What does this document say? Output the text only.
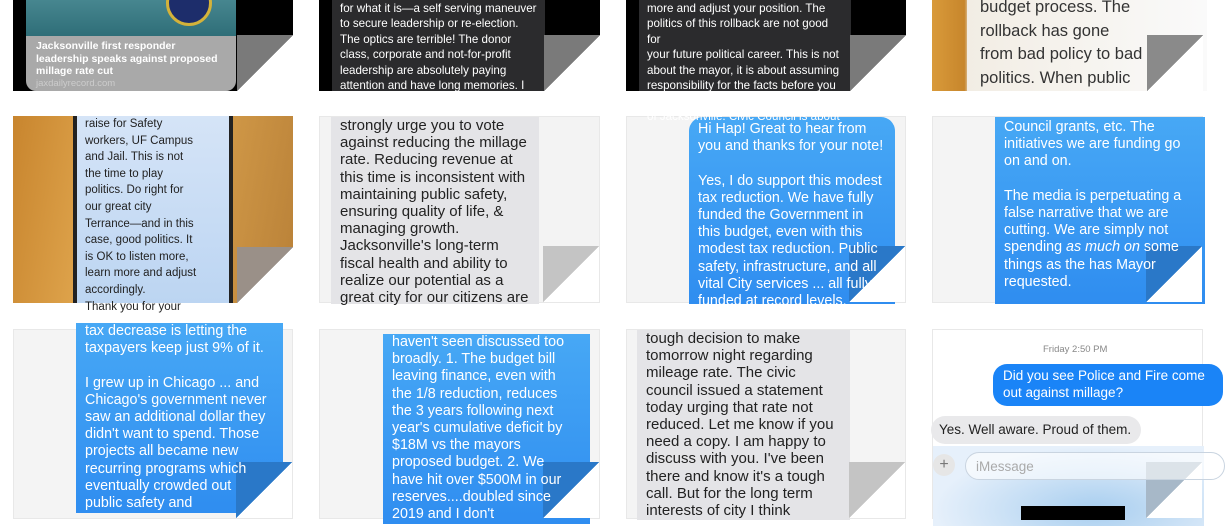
Jacksonville first responder leadership speaks against proposed millage rate cut
jaxdailyrecord.com
for what it is—a self serving maneuver
to secure leadership or re-election.
The optics are terrible! The donor
class, corporate and not-for-profit
leadership are absolutely paying
attention and have long memories. I
suggest you take a long walk on the
more and adjust your position. The
politics of this rollback are not good for
your future political career. This is not
about the mayor, it is about assuming
responsibility for the facts before you
and doing what is best for the citizens
of Jacksonville. Civic Council is about
budget process. The
rollback has gone
from bad policy to bad
politics. When public
raise for Safety
workers, UF Campus
and Jail. This is not
the time to play
politics. Do right for
our great city
Terrance—and in this
case, good politics. It
is OK to listen more,
learn more and adjust
accordingly.
Thank you for your
strongly urge you to vote
against reducing the millage
rate. Reducing revenue at
this time is inconsistent with
maintaining public safety,
ensuring quality of life, &
managing growth.
Jacksonville's long-term
fiscal health and ability to
realize our potential as a
great city for our citizens are
Hi Hap! Great to hear from
you and thanks for your note!

Yes, I do support this modest
tax reduction. We have fully
funded the Government in
this budget, even with this
modest tax reduction. Public
safety, infrastructure, and all
vital City services ... all fully
funded at record levels.
Council grants, etc. The
initiatives we are funding go
on and on.

The media is perpetuating a
false narrative that we are
cutting. We are simply not
spending as much on some
things as the has Mayor
requested.
tax decrease is letting the
taxpayers keep just 9% of it.

I grew up in Chicago ... and
Chicago's government never
saw an additional dollar they
didn't want to spend. Those
projects all became new
recurring programs which
eventually crowded out
public safety and
haven't seen discussed too
broadly. 1. The budget bill
leaving finance, even with
the 1/8 reduction, reduces
the 3 years following next
year's cumulative deficit by
$18M vs the mayors
proposed budget. 2. We
have hit over $500M in our
reserves....doubled since
2019 and I don't
tough decision to make
tomorrow night regarding
mileage rate. The civic
council issued a statement
today urging that rate not
reduced. Let me know if you
need a copy. I am happy to
discuss with you. I've been
there and know it's a tough
call. But for the long term
interests of city I think
Friday 2:50 PM
Did you see Police and Fire come
out against millage?
Yes. Well aware. Proud of them.
+	iMessage
